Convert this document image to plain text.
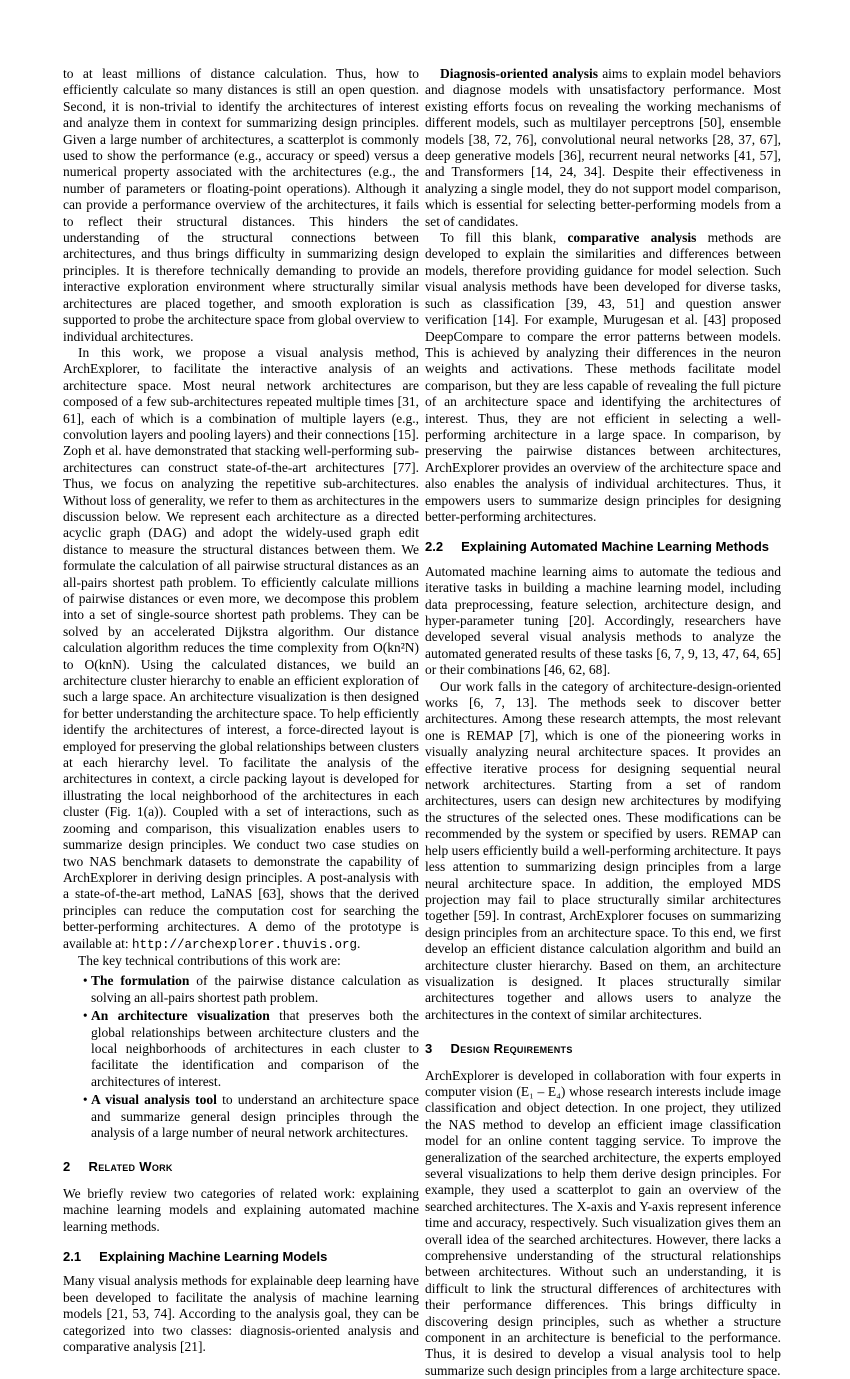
to at least millions of distance calculation. Thus, how to efficiently calculate so many distances is still an open question. Second, it is non-trivial to identify the architectures of interest and analyze them in context for summarizing design principles. Given a large number of architectures, a scatterplot is commonly used to show the performance (e.g., accuracy or speed) versus a numerical property associated with the architectures (e.g., the number of parameters or floating-point operations). Although it can provide a performance overview of the architectures, it fails to reflect their structural distances. This hinders the understanding of the structural connections between architectures, and thus brings difficulty in summarizing design principles. It is therefore technically demanding to provide an interactive exploration environment where structurally similar architectures are placed together, and smooth exploration is supported to probe the architecture space from global overview to individual architectures.

In this work, we propose a visual analysis method, ArchExplorer, to facilitate the interactive analysis of an architecture space. Most neural network architectures are composed of a few sub-architectures repeated multiple times [31, 61], each of which is a combination of multiple layers (e.g., convolution layers and pooling layers) and their connections [15]. Zoph et al. have demonstrated that stacking well-performing sub-architectures can construct state-of-the-art architectures [77]. Thus, we focus on analyzing the repetitive sub-architectures. Without loss of generality, we refer to them as architectures in the discussion below. We represent each architecture as a directed acyclic graph (DAG) and adopt the widely-used graph edit distance to measure the structural distances between them. We formulate the calculation of all pairwise structural distances as an all-pairs shortest path problem. To efficiently calculate millions of pairwise distances or even more, we decompose this problem into a set of single-source shortest path problems. They can be solved by an accelerated Dijkstra algorithm. Our distance calculation algorithm reduces the time complexity from O(kn²N) to O(knN). Using the calculated distances, we build an architecture cluster hierarchy to enable an efficient exploration of such a large space. An architecture visualization is then designed for better understanding the architecture space. To help efficiently identify the architectures of interest, a force-directed layout is employed for preserving the global relationships between clusters at each hierarchy level. To facilitate the analysis of the architectures in context, a circle packing layout is developed for illustrating the local neighborhood of the architectures in each cluster (Fig. 1(a)). Coupled with a set of interactions, such as zooming and comparison, this visualization enables users to summarize design principles. We conduct two case studies on two NAS benchmark datasets to demonstrate the capability of ArchExplorer in deriving design principles. A post-analysis with a state-of-the-art method, LaNAS [63], shows that the derived principles can reduce the computation cost for searching the better-performing architectures. A demo of the prototype is available at: http://archexplorer.thuvis.org.

The key technical contributions of this work are:

• The formulation of the pairwise distance calculation as solving an all-pairs shortest path problem.
• An architecture visualization that preserves both the global relationships between architecture clusters and the local neighborhoods of architectures in each cluster to facilitate the identification and comparison of the architectures of interest.
• A visual analysis tool to understand an architecture space and summarize general design principles through the analysis of a large number of neural network architectures.
2 Related Work

We briefly review two categories of related work: explaining machine learning models and explaining automated machine learning methods.

2.1 Explaining Machine Learning Models

Many visual analysis methods for explainable deep learning have been developed to facilitate the analysis of machine learning models [21, 53, 74]. According to the analysis goal, they can be categorized into two classes: diagnosis-oriented analysis and comparative analysis [21].

Diagnosis-oriented analysis aims to explain model behaviors and diagnose models with unsatisfactory performance. Most existing efforts focus on revealing the working mechanisms of different models, such as multilayer perceptrons [50], ensemble models [38, 72, 76], convolutional neural networks [28, 37, 67], deep generative models [36], recurrent neural networks [41, 57], and Transformers [14, 24, 34]. Despite their effectiveness in analyzing a single model, they do not support model comparison, which is essential for selecting better-performing models from a set of candidates.

To fill this blank, comparative analysis methods are developed to explain the similarities and differences between models, therefore providing guidance for model selection. Such visual analysis methods have been developed for diverse tasks, such as classification [39, 43, 51] and question answer verification [14]. For example, Murugesan et al. [43] proposed DeepCompare to compare the error patterns between models. This is achieved by analyzing their differences in the neuron weights and activations. These methods facilitate model comparison, but they are less capable of revealing the full picture of an architecture space and identifying the architectures of interest. Thus, they are not efficient in selecting a well-performing architecture in a large space. In comparison, by preserving the pairwise distances between architectures, ArchExplorer provides an overview of the architecture space and also enables the analysis of individual architectures. Thus, it empowers users to summarize design principles for designing better-performing architectures.

2.2 Explaining Automated Machine Learning Methods

Automated machine learning aims to automate the tedious and iterative tasks in building a machine learning model, including data preprocessing, feature selection, architecture design, and hyper-parameter tuning [20]. Accordingly, researchers have developed several visual analysis methods to analyze the automated generated results of these tasks [6, 7, 9, 13, 47, 64, 65] or their combinations [46, 62, 68].

Our work falls in the category of architecture-design-oriented works [6, 7, 13]. The methods seek to discover better architectures. Among these research attempts, the most relevant one is REMAP [7], which is one of the pioneering works in visually analyzing neural architecture spaces. It provides an effective iterative process for designing sequential neural network architectures. Starting from a set of random architectures, users can design new architectures by modifying the structures of the selected ones. These modifications can be recommended by the system or specified by users. REMAP can help users efficiently build a well-performing architecture. It pays less attention to summarizing design principles from a large neural architecture space. In addition, the employed MDS projection may fail to place structurally similar architectures together [59]. In contrast, ArchExplorer focuses on summarizing design principles from an architecture space. To this end, we first develop an efficient distance calculation algorithm and build an architecture cluster hierarchy. Based on them, an architecture visualization is designed. It places structurally similar architectures together and allows users to analyze the architectures in the context of similar architectures.

3 Design Requirements

ArchExplorer is developed in collaboration with four experts in computer vision (E₁ – E₄) whose research interests include image classification and object detection. In one project, they utilized the NAS method to develop an efficient image classification model for an online content tagging service. To improve the generalization of the searched architecture, the experts employed several visualizations to help them derive design principles. For example, they used a scatterplot to gain an overview of the searched architectures. The X-axis and Y-axis represent inference time and accuracy, respectively. Such visualization gives them an overall idea of the searched architectures. However, there lacks a comprehensive understanding of the structural relationships between architectures. Without such an understanding, it is difficult to link the structural differences of architectures with their performance differences. This brings difficulty in discovering design principles, such as whether a structure component in an architecture is beneficial to the performance. Thus, it is desired to develop a visual analysis tool to help summarize such design principles from a large architecture space.
